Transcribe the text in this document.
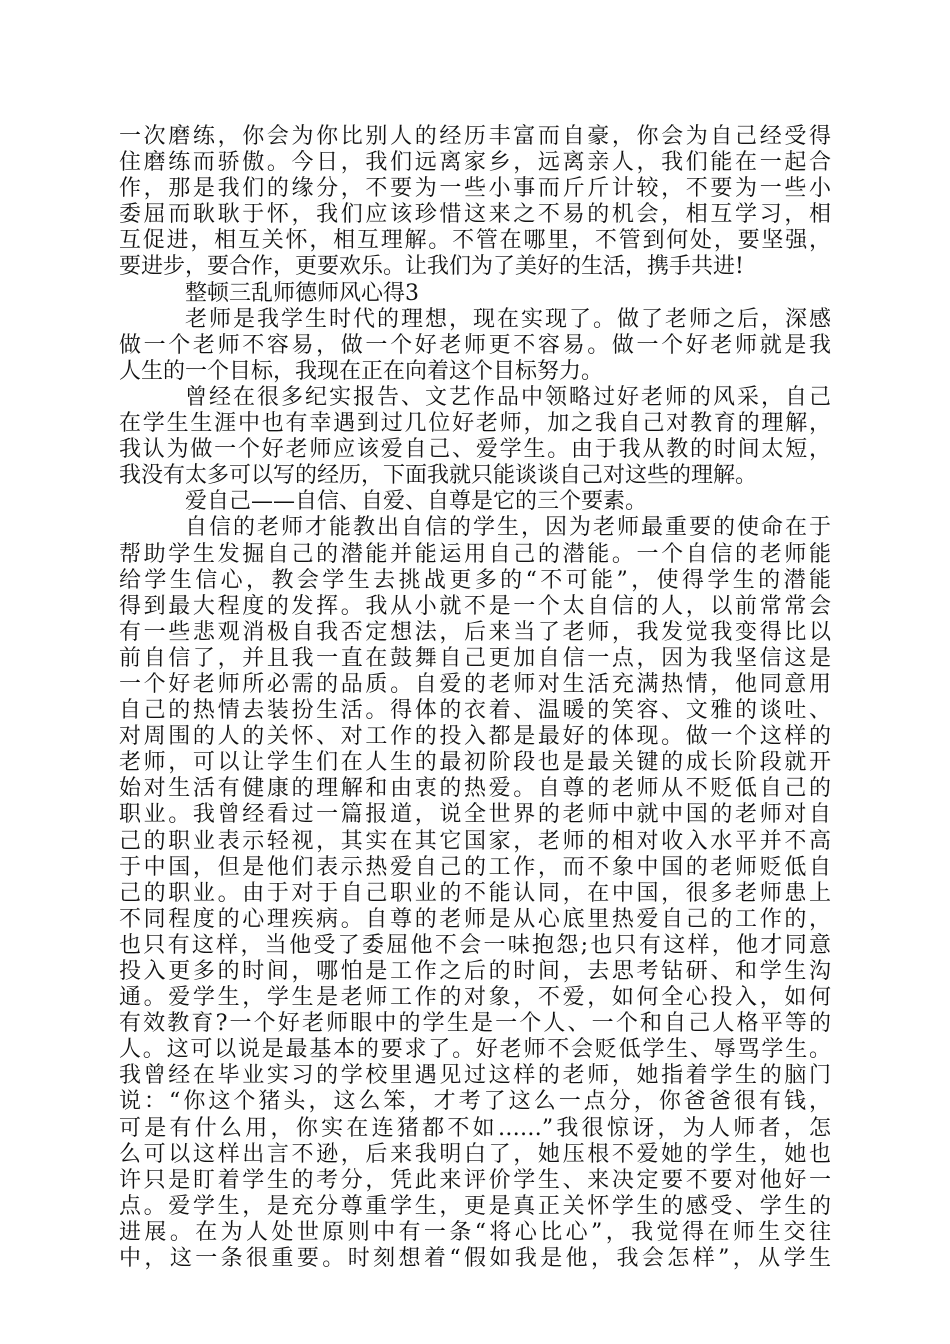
一次磨练，你会为你比别人的经历丰富而自豪，你会为自己经受得
住磨练而骄傲。今日，我们远离家乡，远离亲人，我们能在一起合
作，那是我们的缘分，不要为一些小事而斤斤计较，不要为一些小
委屈而耿耿于怀，我们应该珍惜这来之不易的机会，相互学习，相
互促进，相互关怀，相互理解。不管在哪里，不管到何处，要坚强，
要进步，要合作，更要欢乐。让我们为了美好的生活，携手共进!
整顿三乱师德师风心得3
老师是我学生时代的理想，现在实现了。做了老师之后，深感
做一个老师不容易，做一个好老师更不容易。做一个好老师就是我
人生的一个目标，我现在正在向着这个目标努力。
曾经在很多纪实报告、文艺作品中领略过好老师的风采，自己
在学生生涯中也有幸遇到过几位好老师，加之我自己对教育的理解，
我认为做一个好老师应该爱自己、爱学生。由于我从教的时间太短，
我没有太多可以写的经历，下面我就只能谈谈自己对这些的理解。
爱自己——自信、自爱、自尊是它的三个要素。
自信的老师才能教出自信的学生，因为老师最重要的使命在于
帮助学生发掘自己的潜能并能运用自己的潜能。一个自信的老师能
给学生信心，教会学生去挑战更多的“不可能”，使得学生的潜能
得到最大程度的发挥。我从小就不是一个太自信的人，以前常常会
有一些悲观消极自我否定想法，后来当了老师，我发觉我变得比以
前自信了，并且我一直在鼓舞自己更加自信一点，因为我坚信这是
一个好老师所必需的品质。自爱的老师对生活充满热情，他同意用
自己的热情去装扮生活。得体的衣着、温暖的笑容、文雅的谈吐、
对周围的人的关怀、对工作的投入都是最好的体现。做一个这样的
老师，可以让学生们在人生的最初阶段也是最关键的成长阶段就开
始对生活有健康的理解和由衷的热爱。自尊的老师从不贬低自己的
职业。我曾经看过一篇报道，说全世界的老师中就中国的老师对自
己的职业表示轻视，其实在其它国家，老师的相对收入水平并不高
于中国，但是他们表示热爱自己的工作，而不象中国的老师贬低自
己的职业。由于对于自己职业的不能认同，在中国，很多老师患上
不同程度的心理疾病。自尊的老师是从心底里热爱自己的工作的，
也只有这样，当他受了委屈他不会一味抱怨;也只有这样，他才同意
投入更多的时间，哪怕是工作之后的时间，去思考钻研、和学生沟
通。爱学生，学生是老师工作的对象，不爱，如何全心投入，如何
有效教育?一个好老师眼中的学生是一个人、一个和自己人格平等的
人。这可以说是最基本的要求了。好老师不会贬低学生、辱骂学生。
我曾经在毕业实习的学校里遇见过这样的老师，她指着学生的脑门
说：“你这个猪头，这么笨，才考了这么一点分，你爸爸很有钱，
可是有什么用，你实在连猪都不如……”我很惊讶，为人师者，怎
么可以这样出言不逊，后来我明白了，她压根不爱她的学生，她也
许只是盯着学生的考分，凭此来评价学生、来决定要不要对他好一
点。爱学生，是充分尊重学生，更是真正关怀学生的感受、学生的
进展。在为人处世原则中有一条“将心比心”，我觉得在师生交往
中，这一条很重要。时刻想着“假如我是他，我会怎样”，从学生
